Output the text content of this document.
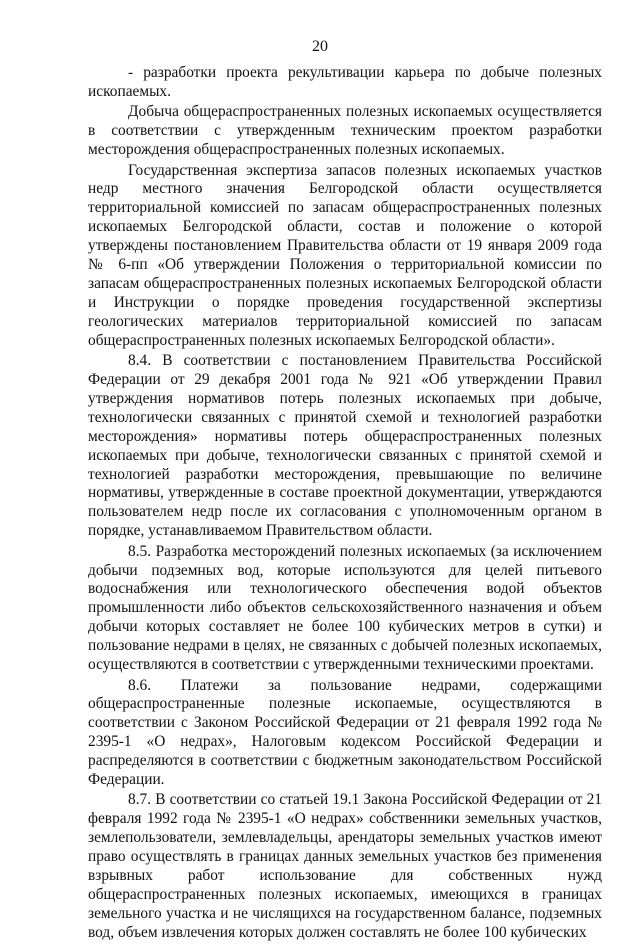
20

- разработки проекта рекультивации карьера по добыче полезных ископаемых.

Добыча общераспространенных полезных ископаемых осуществляется в соответствии с утвержденным техническим проектом разработки месторождения общераспространенных полезных ископаемых.

Государственная экспертиза запасов полезных ископаемых участков недр местного значения Белгородской области осуществляется территориальной комиссией по запасам общераспространенных полезных ископаемых Белгородской области, состав и положение о которой утверждены постановлением Правительства области от 19 января 2009 года № 6-пп «Об утверждении Положения о территориальной комиссии по запасам общераспространенных полезных ископаемых Белгородской области и Инструкции о порядке проведения государственной экспертизы геологических материалов территориальной комиссией по запасам общераспространенных полезных ископаемых Белгородской области».

8.4. В соответствии с постановлением Правительства Российской Федерации от 29 декабря 2001 года № 921 «Об утверждении Правил утверждения нормативов потерь полезных ископаемых при добыче, технологически связанных с принятой схемой и технологией разработки месторождения» нормативы потерь общераспространенных полезных ископаемых при добыче, технологически связанных с принятой схемой и технологией разработки месторождения, превышающие по величине нормативы, утвержденные в составе проектной документации, утверждаются пользователем недр после их согласования с уполномоченным органом в порядке, устанавливаемом Правительством области.

8.5. Разработка месторождений полезных ископаемых (за исключением добычи подземных вод, которые используются для целей питьевого водоснабжения или технологического обеспечения водой объектов промышленности либо объектов сельскохозяйственного назначения и объем добычи которых составляет не более 100 кубических метров в сутки) и пользование недрами в целях, не связанных с добычей полезных ископаемых, осуществляются в соответствии с утвержденными техническими проектами.

8.6. Платежи за пользование недрами, содержащими общераспространенные полезные ископаемые, осуществляются в соответствии с Законом Российской Федерации от 21 февраля 1992 года № 2395-1 «О недрах», Налоговым кодексом Российской Федерации и распределяются в соответствии с бюджетным законодательством Российской Федерации.

8.7. В соответствии со статьей 19.1 Закона Российской Федерации от 21 февраля 1992 года № 2395-1 «О недрах» собственники земельных участков, землепользователи, землевладельцы, арендаторы земельных участков имеют право осуществлять в границах данных земельных участков без применения взрывных работ использование для собственных нужд общераспространенных полезных ископаемых, имеющихся в границах земельного участка и не числящихся на государственном балансе, подземных вод, объем извлечения которых должен составлять не более 100 кубических
